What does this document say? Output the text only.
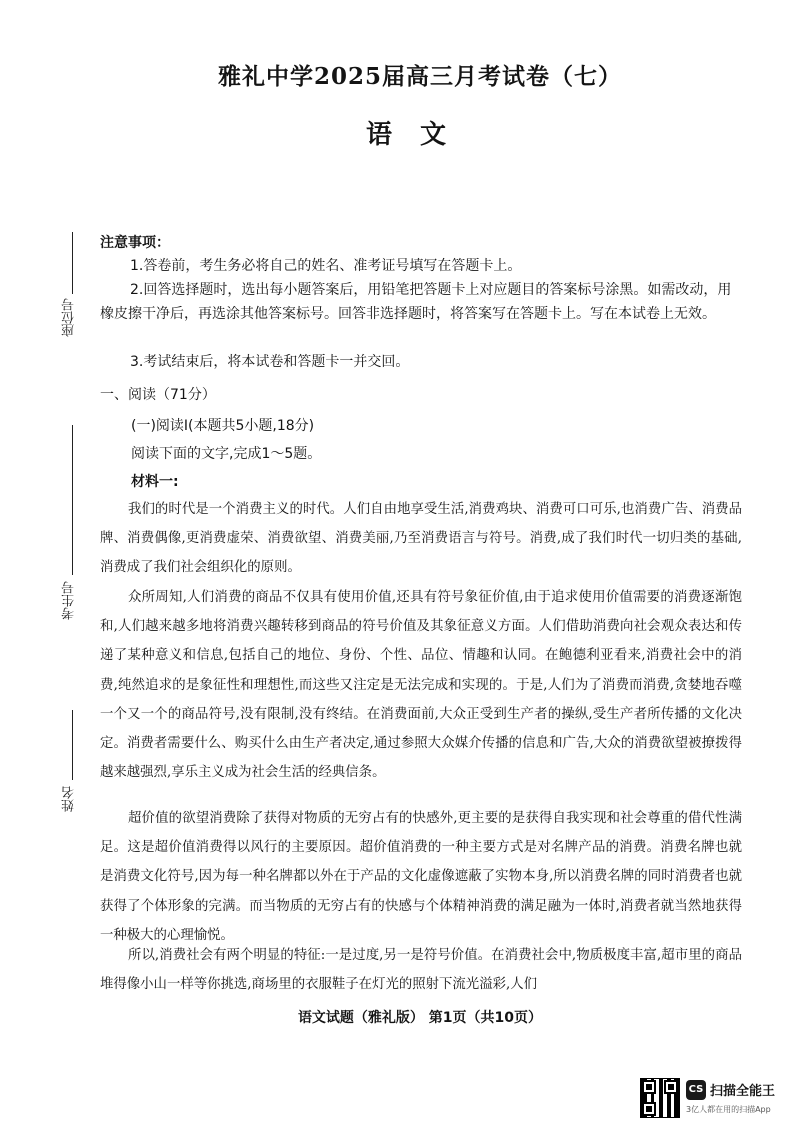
雅礼中学2025届高三月考试卷（七）
语文
座位号
考生号
姓名
注意事项：
1.答卷前，考生务必将自己的姓名、准考证号填写在答题卡上。
2.回答选择题时，选出每小题答案后，用铅笔把答题卡上对应题目的答案标号涂黑。如需改动，用橡皮擦干净后，再选涂其他答案标号。回答非选择题时，将答案写在答题卡上。写在本试卷上无效。
3.考试结束后，将本试卷和答题卡一并交回。
一、阅读（71分）
(一)阅读Ⅰ(本题共5小题,18分)
阅读下面的文字,完成1～5题。
材料一:
我们的时代是一个消费主义的时代。人们自由地享受生活,消费鸡块、消费可口可乐,也消费广告、消费品牌、消费偶像,更消费虚荣、消费欲望、消费美丽,乃至消费语言与符号。消费,成了我们时代一切归类的基础,消费成了我们社会组织化的原则。
众所周知,人们消费的商品不仅具有使用价值,还具有符号象征价值,由于追求使用价值需要的消费逐渐饱和,人们越来越多地将消费兴趣转移到商品的符号价值及其象征意义方面。人们借助消费向社会观众表达和传递了某种意义和信息,包括自己的地位、身份、个性、品位、情趣和认同。在鲍德利亚看来,消费社会中的消费,纯然追求的是象征性和理想性,而这些又注定是无法完成和实现的。于是,人们为了消费而消费,贪婪地吞噬一个又一个的商品符号,没有限制,没有终结。在消费面前,大众正受到生产者的操纵,受生产者所传播的文化决定。消费者需要什么、购买什么由生产者决定,通过参照大众媒介传播的信息和广告,大众的消费欲望被撩拨得越来越强烈,享乐主义成为社会生活的经典信条。
超价值的欲望消费除了获得对物质的无穷占有的快感外,更主要的是获得自我实现和社会尊重的借代性满足。这是超价值消费得以风行的主要原因。超价值消费的一种主要方式是对名牌产品的消费。消费名牌也就是消费文化符号,因为每一种名牌都以外在于产品的文化虚像遮蔽了实物本身,所以消费名牌的同时消费者也就获得了个体形象的完满。而当物质的无穷占有的快感与个体精神消费的满足融为一体时,消费者就当然地获得一种极大的心理愉悦。
所以,消费社会有两个明显的特征:一是过度,另一是符号价值。在消费社会中,物质极度丰富,超市里的商品堆得像小山一样等你挑选,商场里的衣服鞋子在灯光的照射下流光溢彩,人们
语文试题（雅礼版） 第1页（共10页）
CS 扫描全能王
3亿人都在用的扫描App
